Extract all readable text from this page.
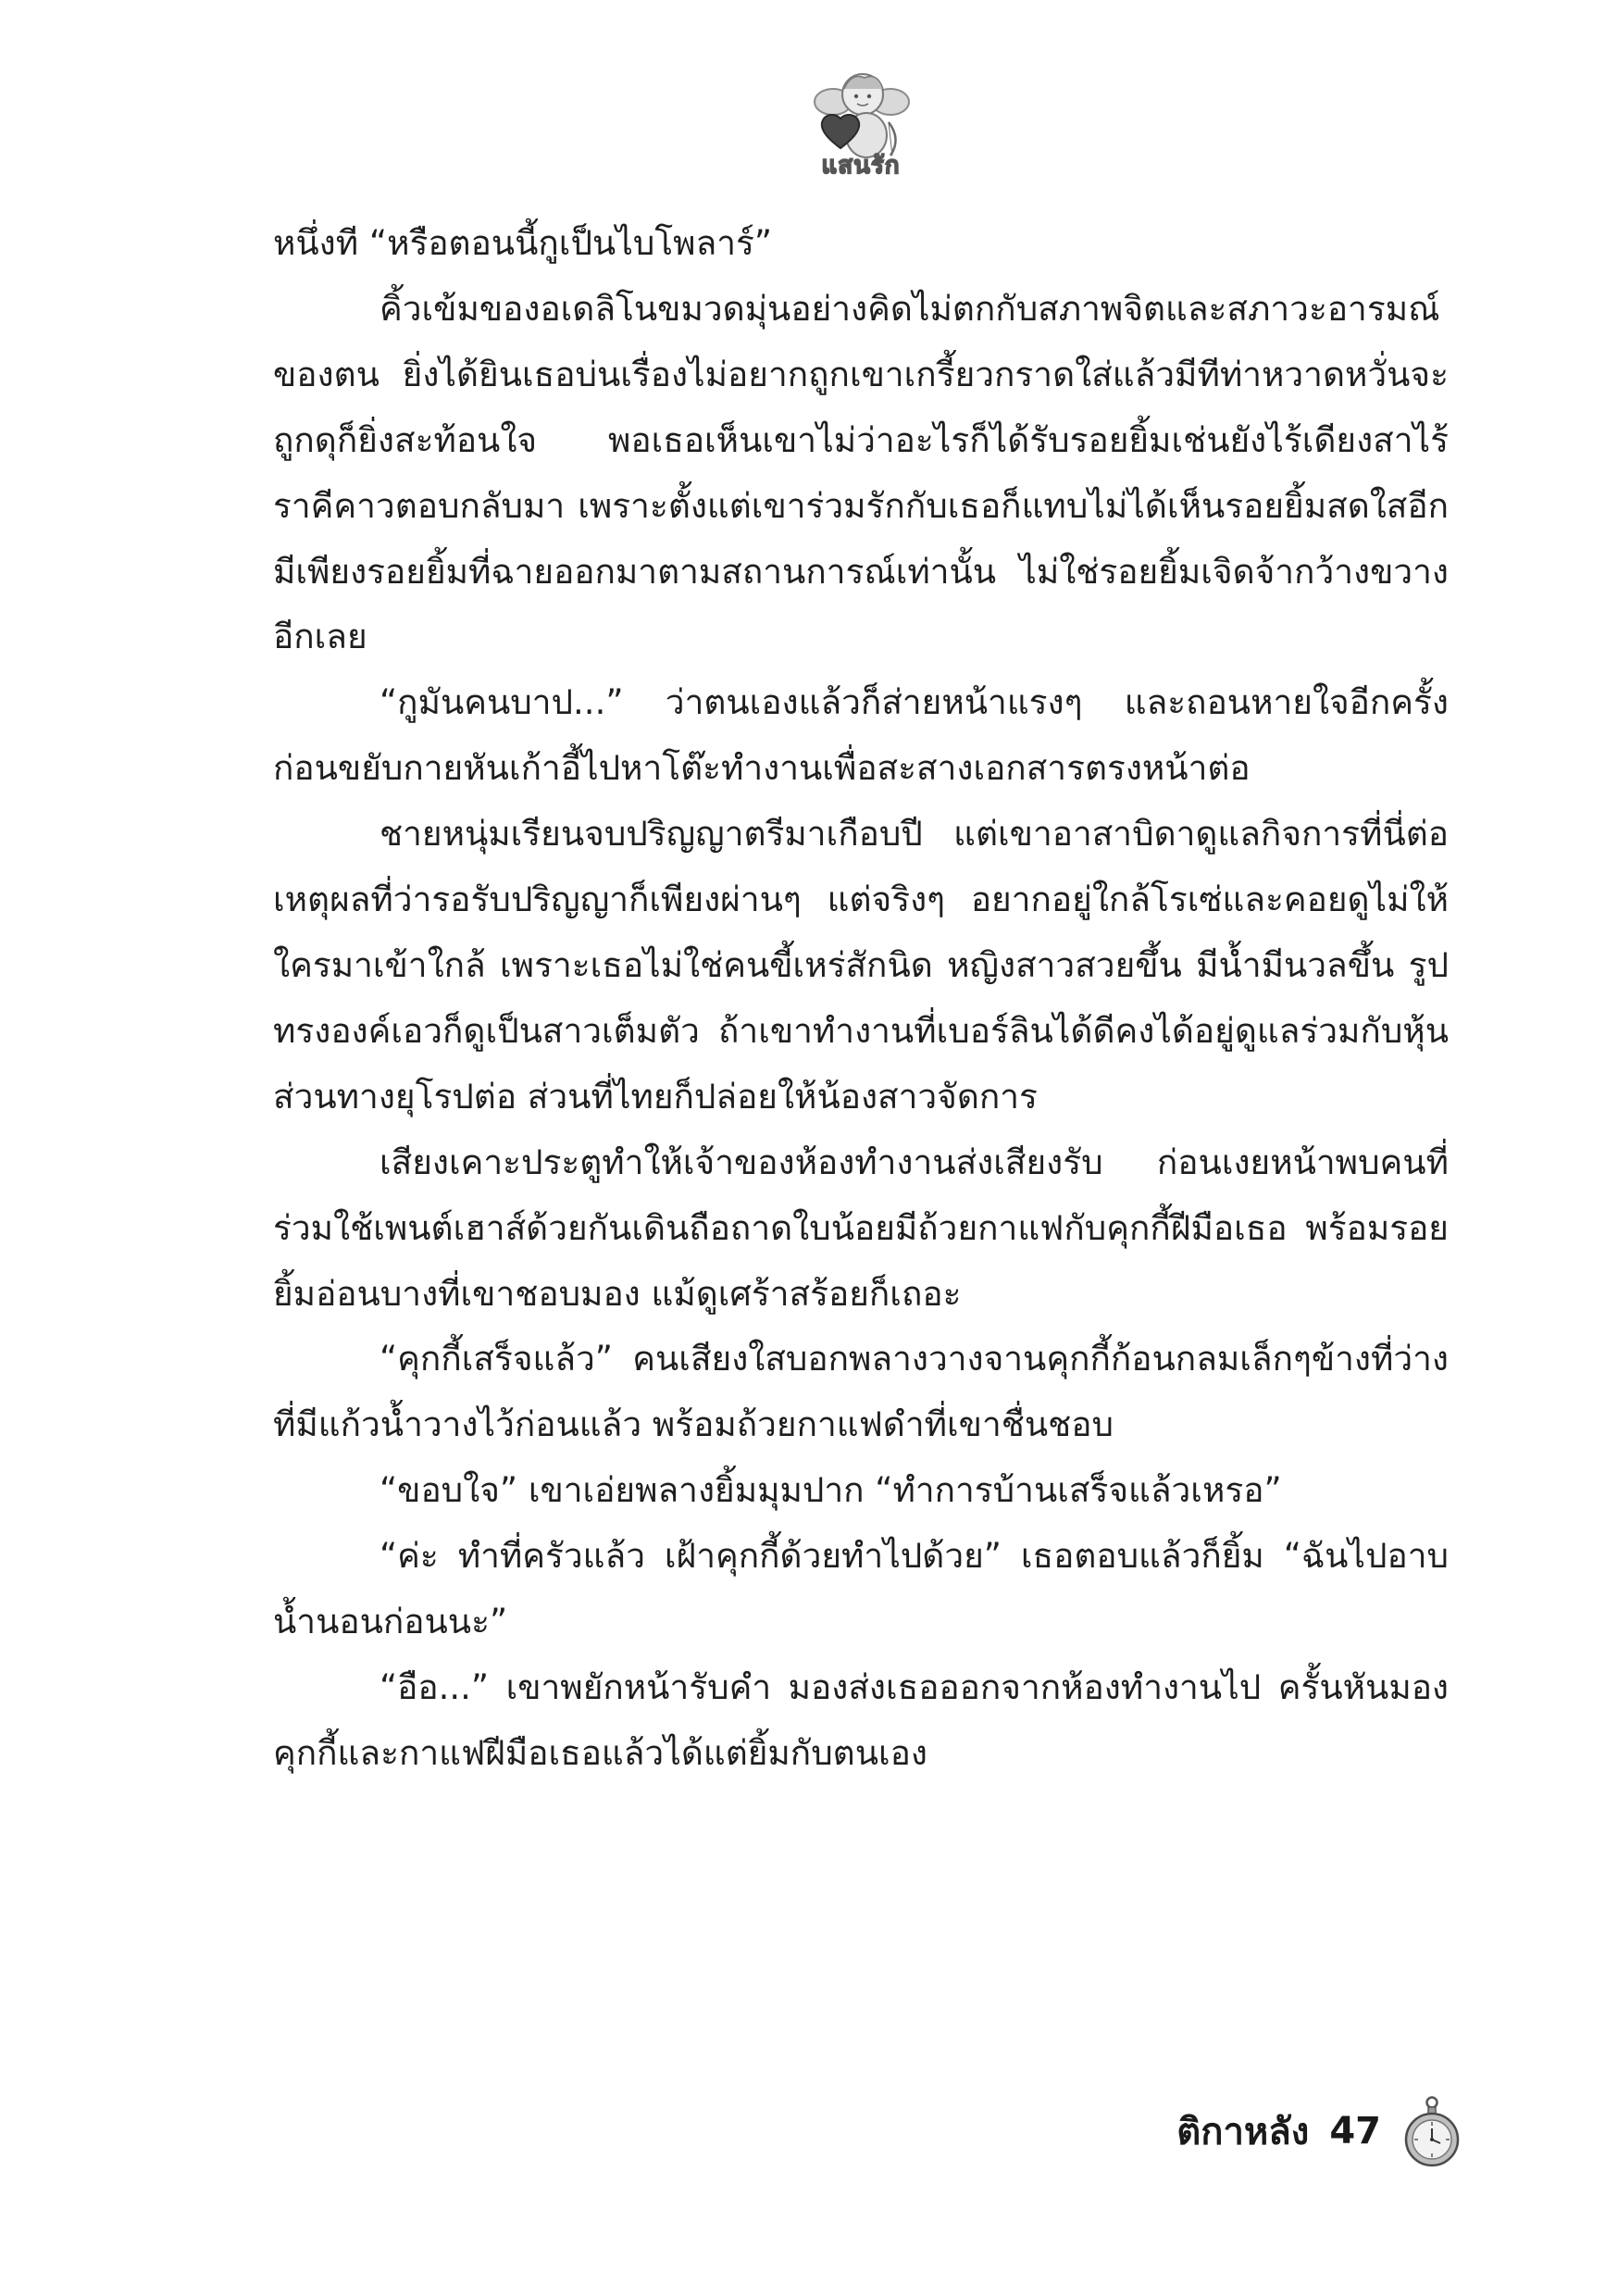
แสนรัก

หนึ่งที “หรือตอนนี้กูเป็นไบโพลาร์”

คิ้วเข้มของอเดลิโนขมวดมุ่นอย่างคิดไม่ตกกับสภาพจิตและสภาวะอารมณ์ของตน ยิ่งได้ยินเธอบ่นเรื่องไม่อยากถูกเขาเกรี้ยวกราดใส่แล้วมีทีท่าหวาดหวั่นจะถูกดุก็ยิ่งสะท้อนใจ พอเธอเห็นเขาไม่ว่าอะไรก็ได้รับรอยยิ้มเช่นยังไร้เดียงสาไร้ราคีคาวตอบกลับมา เพราะตั้งแต่เขาร่วมรักกับเธอก็แทบไม่ได้เห็นรอยยิ้มสดใสอีก มีเพียงรอยยิ้มที่ฉายออกมาตามสถานการณ์เท่านั้น ไม่ใช่รอยยิ้มเจิดจ้ากว้างขวางอีกเลย

“กูมันคนบาป...” ว่าตนเองแล้วก็ส่ายหน้าแรงๆ และถอนหายใจอีกครั้ง ก่อนขยับกายหันเก้าอี้ไปหาโต๊ะทำงานเพื่อสะสางเอกสารตรงหน้าต่อ

ชายหนุ่มเรียนจบปริญญาตรีมาเกือบปี แต่เขาอาสาบิดาดูแลกิจการที่นี่ต่อ เหตุผลที่ว่ารอรับปริญญาก็เพียงผ่านๆ แต่จริงๆ อยากอยู่ใกล้โรเซ่และคอยดูไม่ให้ใครมาเข้าใกล้ เพราะเธอไม่ใช่คนขี้เหร่สักนิด หญิงสาวสวยขึ้น มีน้ำมีนวลขึ้น รูปทรงองค์เอวก็ดูเป็นสาวเต็มตัว ถ้าเขาทำงานที่เบอร์ลินได้ดีคงได้อยู่ดูแลร่วมกับหุ้นส่วนทางยุโรปต่อ ส่วนที่ไทยก็ปล่อยให้น้องสาวจัดการ

เสียงเคาะประตูทำให้เจ้าของห้องทำงานส่งเสียงรับ ก่อนเงยหน้าพบคนที่ร่วมใช้เพนต์เฮาส์ด้วยกันเดินถือถาดใบน้อยมีถ้วยกาแฟกับคุกกี้ฝีมือเธอ พร้อมรอยยิ้มอ่อนบางที่เขาชอบมอง แม้ดูเศร้าสร้อยก็เถอะ

“คุกกี้เสร็จแล้ว” คนเสียงใสบอกพลางวางจานคุกกี้ก้อนกลมเล็กๆข้างที่ว่างที่มีแก้วน้ำวางไว้ก่อนแล้ว พร้อมถ้วยกาแฟดำที่เขาชื่นชอบ

“ขอบใจ” เขาเอ่ยพลางยิ้มมุมปาก “ทำการบ้านเสร็จแล้วเหรอ”

“ค่ะ ทำที่ครัวแล้ว เฝ้าคุกกี้ด้วยทำไปด้วย” เธอตอบแล้วก็ยิ้ม “ฉันไปอาบน้ำนอนก่อนนะ”

“อือ...” เขาพยักหน้ารับคำ มองส่งเธอออกจากห้องทำงานไป ครั้นหันมองคุกกี้และกาแฟฝีมือเธอแล้วได้แต่ยิ้มกับตนเอง

ติกาหลัง 47
